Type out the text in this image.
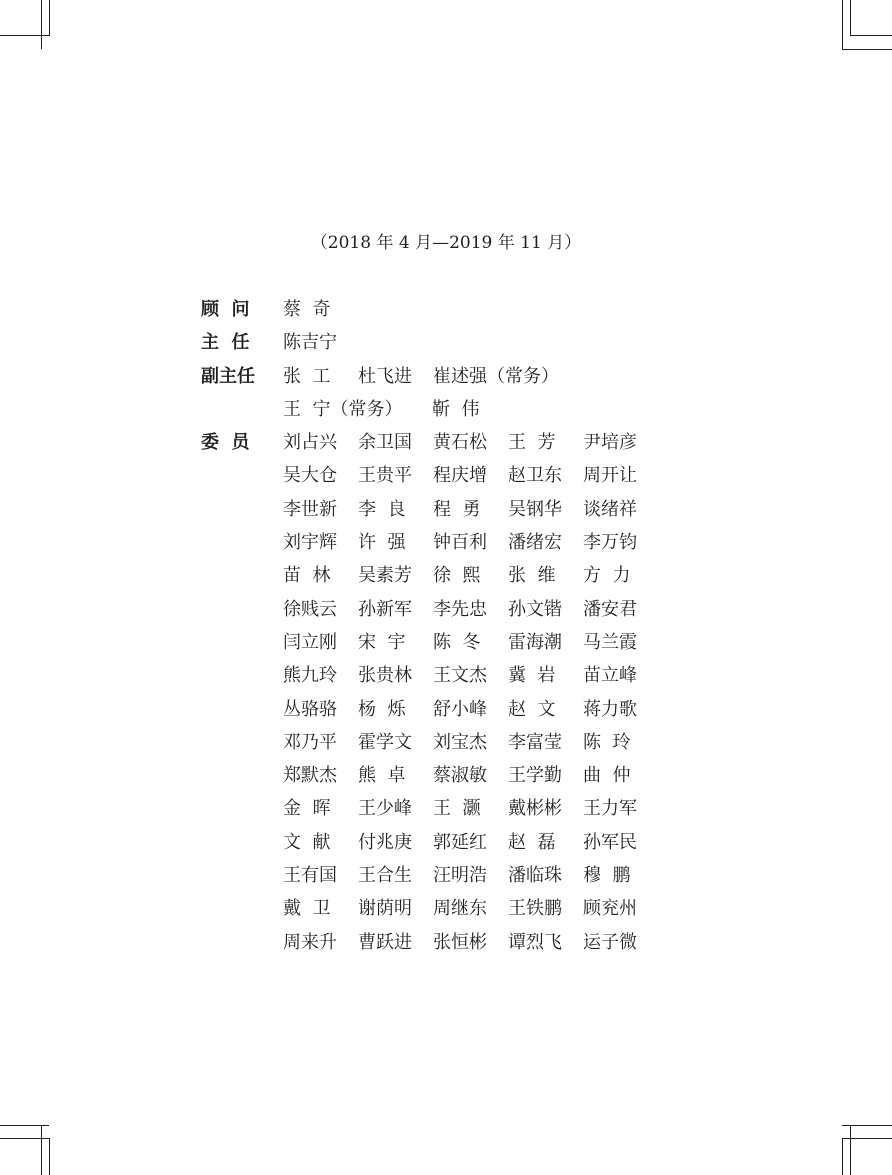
（2018 年 4 月—2019 年 11 月）
顾  问	蔡  奇
主  任	陈吉宁
副主任	张  工	杜飞进	崔述强（常务）
王  宁（常务）	靳  伟
委  员	刘占兴	余卫国	黄石松	王  芳	尹培彦
吴大仓	王贵平	程庆增	赵卫东	周开让
李世新	李  良	程  勇	吴钢华	谈绪祥
刘宇辉	许  强	钟百利	潘绪宏	李万钧
苗  林	吴素芳	徐  熙	张  维	方  力
徐贱云	孙新军	李先忠	孙文锴	潘安君
闫立刚	宋  宇	陈  冬	雷海潮	马兰霞
熊九玲	张贵林	王文杰	冀  岩	苗立峰
丛骆骆	杨  烁	舒小峰	赵  文	蒋力歌
邓乃平	霍学文	刘宝杰	李富莹	陈  玲
郑默杰	熊  卓	蔡淑敏	王学勤	曲  仲
金  晖	王少峰	王  灏	戴彬彬	王力军
文  献	付兆庚	郭延红	赵  磊	孙军民
王有国	王合生	汪明浩	潘临珠	穆  鹏
戴  卫	谢荫明	周继东	王铁鹏	顾兖州
周来升	曹跃进	张恒彬	谭烈飞	运子微
